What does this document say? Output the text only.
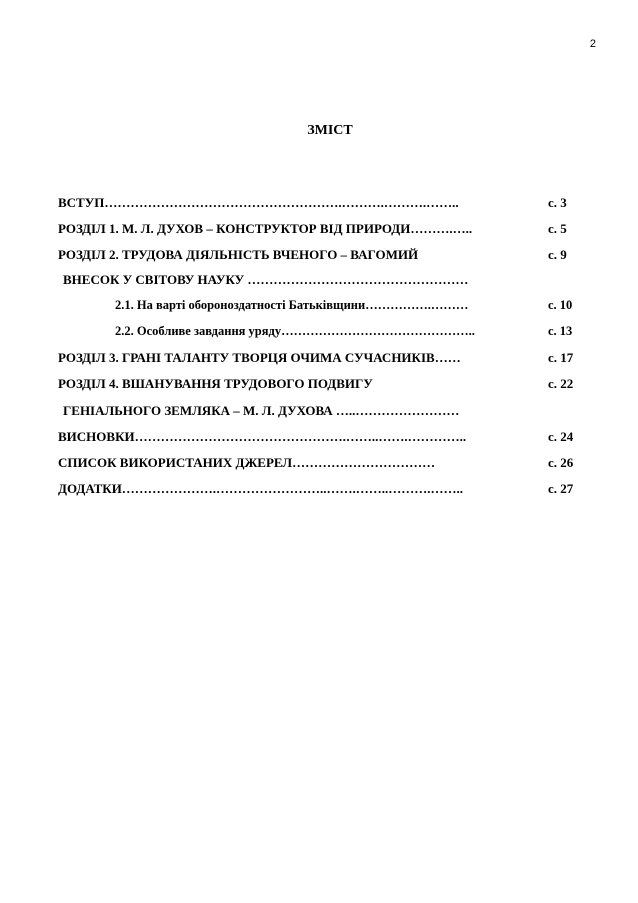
2
ЗМІСТ
ВСТУП……………………………………………….……….……….……..	с. 3
РОЗДІЛ 1. М. Л. ДУХОВ – КОНСТРУКТОР ВІД ПРИРОДИ……….…..	с. 5
РОЗДІЛ 2. ТРУДОВА ДІЯЛЬНІСТЬ ВЧЕНОГО – ВАГОМИЙ	с. 9
ВНЕСОК У СВІТОВУ НАУКУ ……………………………………………
2.1. На варті обороноздатності Батьківщини…………….………	с. 10
2.2. Особливе завдання уряду………………………………………..	с. 13
РОЗДІЛ 3. ГРАНІ ТАЛАНТУ ТВОРЦЯ ОЧИМА СУЧАСНИКІВ……	с. 17
РОЗДІЛ 4. ВШАНУВАННЯ ТРУДОВОГО ПОДВИГУ	с. 22
ГЕНІАЛЬНОГО ЗЕМЛЯКА – М. Л. ДУХОВА …..……………………
ВИСНОВКИ………………………………………….……..…….…………..	с. 24
СПИСОК ВИКОРИСТАНИХ ДЖЕРЕЛ……………………………	с. 26
ДОДАТКИ………………….……………………..…….……..……….……..	с. 27
